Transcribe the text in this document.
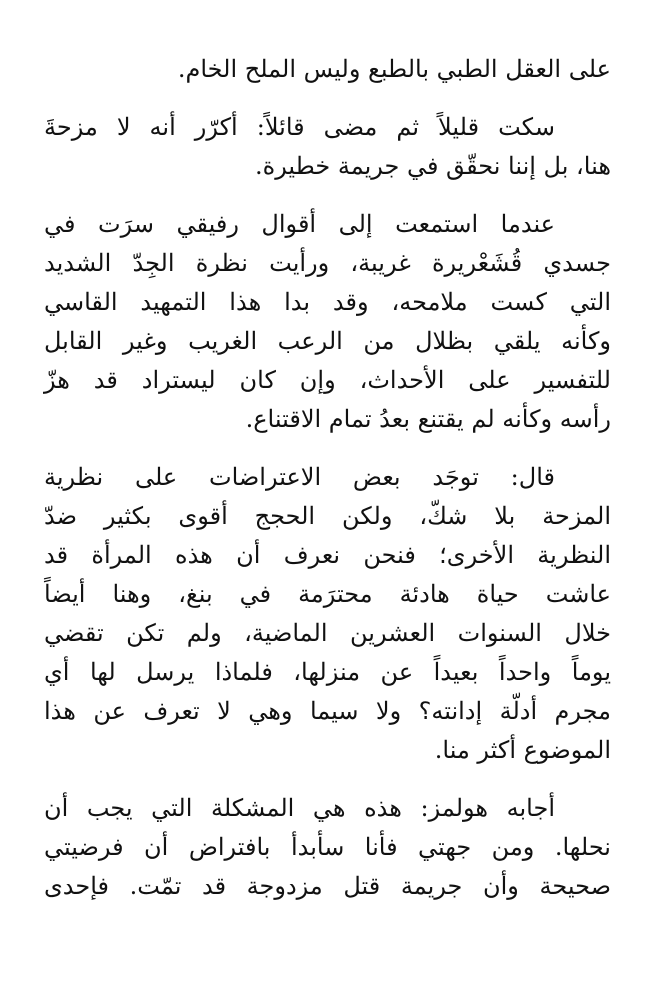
على العقل الطبي بالطبع وليس الملح الخام.

سكت قليلاً ثم مضى قائلاً: أكرّر أنه لا مزحةَ
هنا، بل إننا نحقّق في جريمة خطيرة.

عندما استمعت إلى أقوال رفيقي سرَت في
جسدي قُشَعْريرة غريبة، ورأيت نظرة الجِدّ الشديد
التي كست ملامحه، وقد بدا هذا التمهيد القاسي
وكأنه يلقي بظلال من الرعب الغريب وغير القابل
للتفسير على الأحداث، وإن كان ليستراد قد هزّ
رأسه وكأنه لم يقتنع بعدُ تمام الاقتناع.

قال: توجَد بعض الاعتراضات على نظرية
المزحة بلا شكّ، ولكن الحجج أقوى بكثير ضدّ
النظرية الأخرى؛ فنحن نعرف أن هذه المرأة قد
عاشت حياة هادئة محترَمة في بنغ، وهنا أيضاً
خلال السنوات العشرين الماضية، ولم تكن تقضي
يوماً واحداً بعيداً عن منزلها، فلماذا يرسل لها أي
مجرم أدلّة إدانته؟ ولا سيما وهي لا تعرف عن هذا
الموضوع أكثر منا.

أجابه هولمز: هذه هي المشكلة التي يجب أن
نحلها. ومن جهتي فأنا سأبدأ بافتراض أن فرضيتي
صحيحة وأن جريمة قتل مزدوجة قد تمّت. فإحدى
